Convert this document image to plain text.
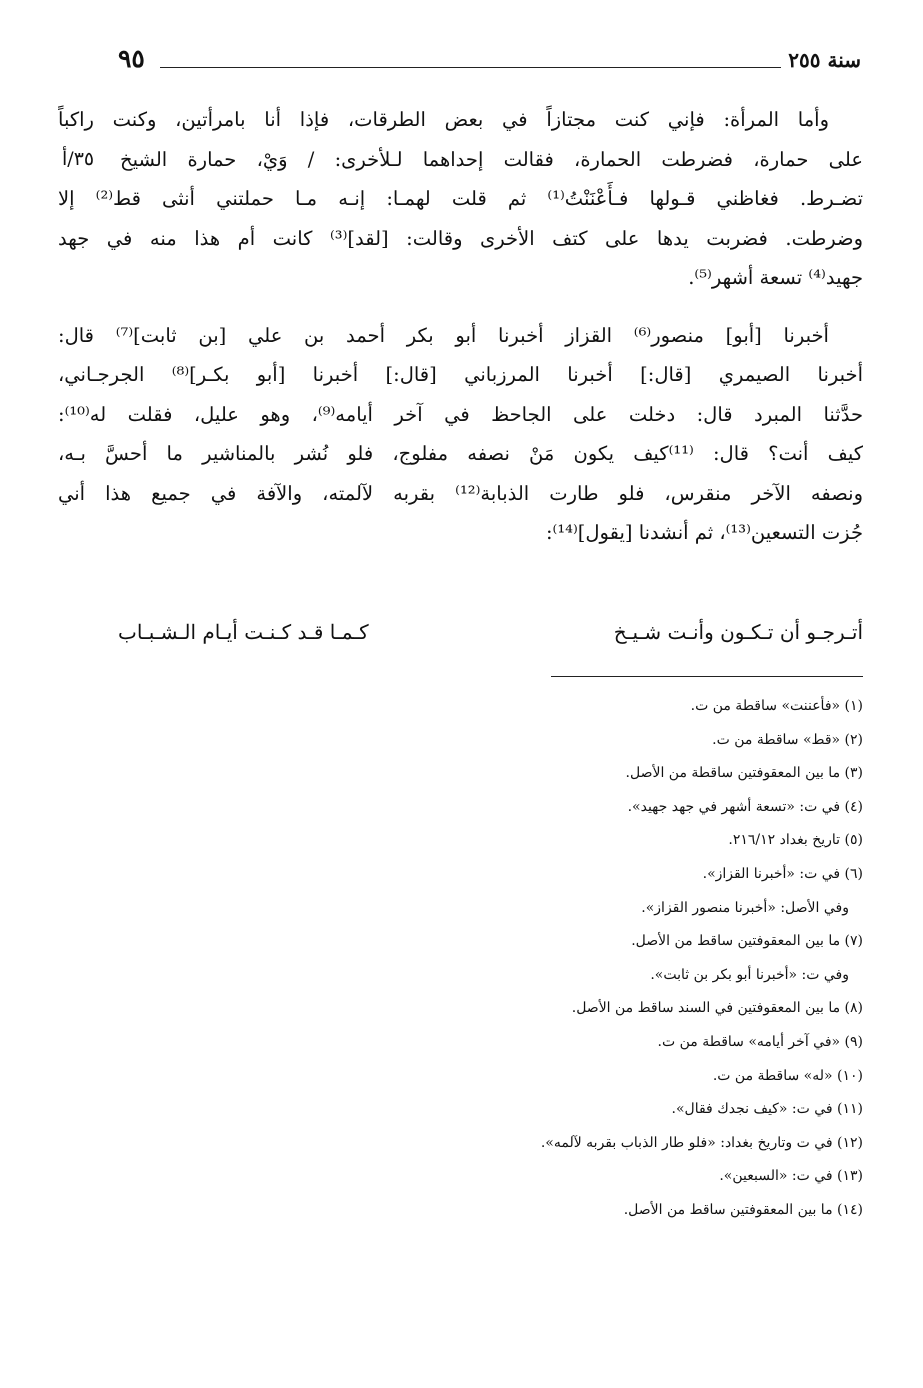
سنة ٢٥٥
٩٥
٣٥/أ
وأما المرأة: فإني كنت مجتازاً في بعض الطرقات، فإذا أنا بامرأتين، وكنت راكباً
على حمارة، فضرطت الحمارة، فقالت إحداهما لـلأخرى: / وَيْ، حمارة الشيخ
تضـرط. فغاظني قـولها فـأَعْنَنْتُ⁽¹⁾ ثم قلت لهمـا: إنـه مـا حملتني أنثى قط⁽²⁾ إلا
وضرطت. فضربت يدها على كتف الأخرى وقالت: [لقد]⁽³⁾ كانت أم هذا منه في جهد
جهيد⁽⁴⁾ تسعة أشهر⁽⁵⁾.
أخبرنا [أبو] منصور⁽⁶⁾ القزاز أخبرنا أبو بكر أحمد بن علي [بن ثابت]⁽⁷⁾ قال:
أخبرنا الصيمري [قال:] أخبرنا المرزباني [قال:] أخبرنا [أبو بكـر]⁽⁸⁾ الجرجـاني،
حدَّثنا المبرد قال: دخلت على الجاحظ في آخر أيامه⁽⁹⁾، وهو عليل، فقلت له⁽¹⁰⁾:
كيف أنت؟ قال: ⁽¹¹⁾كيف يكون مَنْ نصفه مفلوج، فلو نُشر بالمناشير ما أحسَّ بـه،
ونصفه الآخر منقرس، فلو طارت الذبابة⁽¹²⁾ بقربه لآلمته، والآفة في جميع هذا أني
جُزت التسعين⁽¹³⁾، ثم أنشدنا [يقول]⁽¹⁴⁾:
أتـرجـو أن تـكـون وأنـت شـيـخ
كـمـا قـد كـنـت أيـام الـشـبـاب
(١) «فأعننت» ساقطة من ت.
(٢) «قط» ساقطة من ت.
(٣) ما بين المعقوفتين ساقطة من الأصل.
(٤) في ت: «تسعة أشهر في جهد جهيد».
(٥) تاريخ بغداد ٢١٦/١٢.
(٦) في ت: «أخبرنا القزاز».
وفي الأصل: «أخبرنا منصور القزاز».
(٧) ما بين المعقوفتين ساقط من الأصل.
وفي ت: «أخبرنا أبو بكر بن ثابت».
(٨) ما بين المعقوفتين في السند ساقط من الأصل.
(٩) «في آخر أيامه» ساقطة من ت.
(١٠) «له» ساقطة من ت.
(١١) في ت: «كيف نجدك فقال».
(١٢) في ت وتاريخ بغداد: «فلو طار الذباب بقربه لآلمه».
(١٣) في ت: «السبعين».
(١٤) ما بين المعقوفتين ساقط من الأصل.
